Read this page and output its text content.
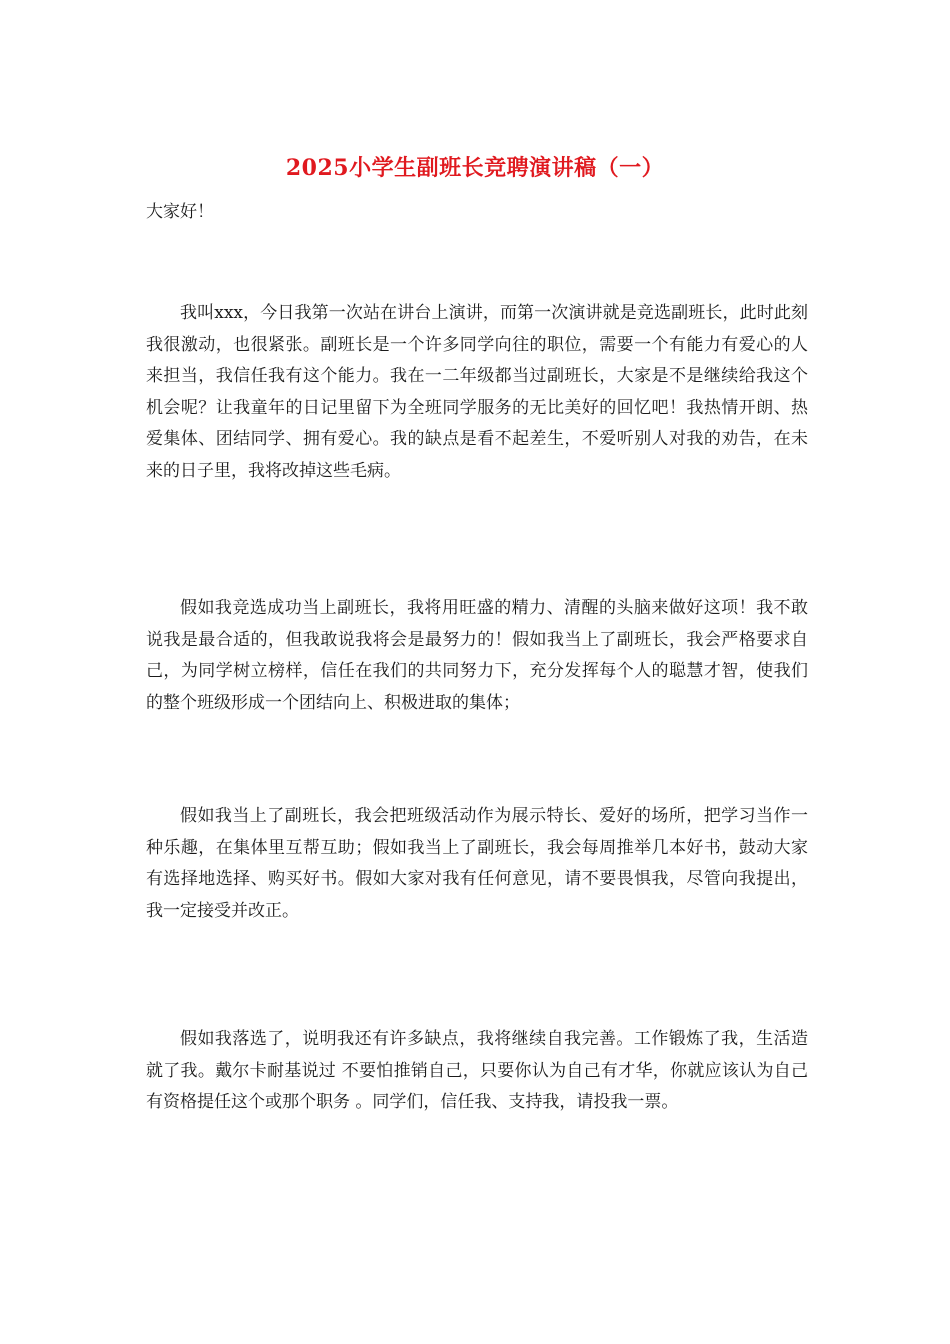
2025小学生副班长竞聘演讲稿（一）
大家好！

我叫xxx，今日我第一次站在讲台上演讲，而第一次演讲就是竞选副班长，此时此刻我很激动，也很紧张。副班长是一个许多同学向往的职位，需要一个有能力有爱心的人来担当，我信任我有这个能力。我在一二年级都当过副班长，大家是不是继续给我这个机会呢？让我童年的日记里留下为全班同学服务的无比美好的回忆吧！我热情开朗、热爱集体、团结同学、拥有爱心。我的缺点是看不起差生，不爱听别人对我的劝告，在未来的日子里，我将改掉这些毛病。

假如我竞选成功当上副班长，我将用旺盛的精力、清醒的头脑来做好这项！我不敢说我是最合适的，但我敢说我将会是最努力的！假如我当上了副班长，我会严格要求自己，为同学树立榜样，信任在我们的共同努力下，充分发挥每个人的聪慧才智，使我们的整个班级形成一个团结向上、积极进取的集体；

假如我当上了副班长，我会把班级活动作为展示特长、爱好的场所，把学习当作一种乐趣，在集体里互帮互助；假如我当上了副班长，我会每周推举几本好书，鼓动大家有选择地选择、购买好书。假如大家对我有任何意见，请不要畏惧我，尽管向我提出，我一定接受并改正。

假如我落选了，说明我还有许多缺点，我将继续自我完善。工作锻炼了我，生活造就了我。戴尔卡耐基说过 不要怕推销自己，只要你认为自己有才华，你就应该认为自己有资格提任这个或那个职务 。同学们，信任我、支持我，请投我一票。
